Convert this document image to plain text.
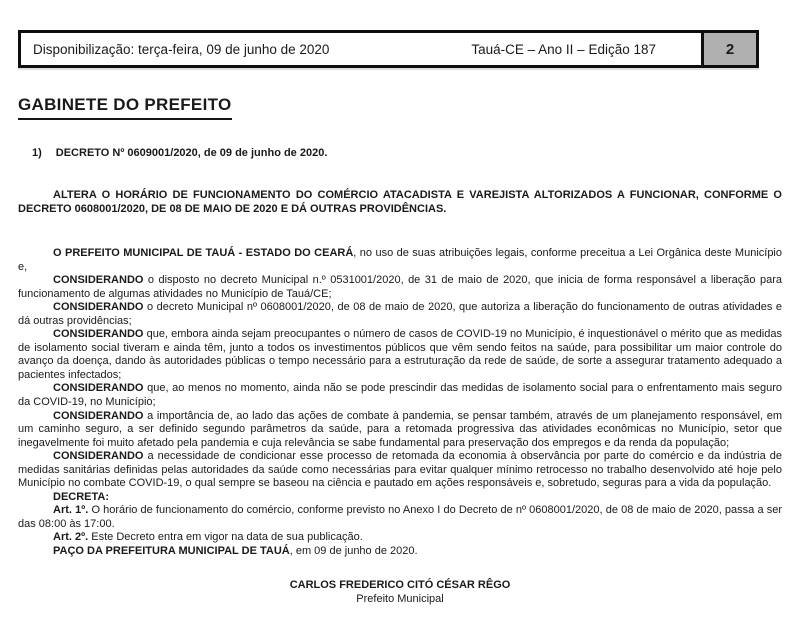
Disponibilização: terça-feira, 09 de junho de 2020	Tauá-CE – Ano II – Edição 187	2
GABINETE DO PREFEITO
1) DECRETO Nº 0609001/2020, de 09 de junho de 2020.
ALTERA O HORÁRIO DE FUNCIONAMENTO DO COMÉRCIO ATACADISTA E VAREJISTA ALTORIZADOS A FUNCIONAR, CONFORME O DECRETO 0608001/2020, DE 08 DE MAIO DE 2020 E DÁ OUTRAS PROVIDÊNCIAS.

O PREFEITO MUNICIPAL DE TAUÁ - ESTADO DO CEARÁ, no uso de suas atribuições legais, conforme preceitua a Lei Orgânica deste Município e,

CONSIDERANDO o disposto no decreto Municipal n.º 0531001/2020, de 31 de maio de 2020, que inicia de forma responsável a liberação para funcionamento de algumas atividades no Município de Tauá/CE;

CONSIDERANDO o decreto Municipal nº 0608001/2020, de 08 de maio de 2020, que autoriza a liberação do funcionamento de outras atividades e dá outras providências;

CONSIDERANDO que, embora ainda sejam preocupantes o número de casos de COVID-19 no Município, é inquestionável o mérito que as medidas de isolamento social tiveram e ainda têm, junto a todos os investimentos públicos que vêm sendo feitos na saúde, para possibilitar um maior controle do avanço da doença, dando às autoridades públicas o tempo necessário para a estruturação da rede de saúde, de sorte a assegurar tratamento adequado a pacientes infectados;

CONSIDERANDO que, ao menos no momento, ainda não se pode prescindir das medidas de isolamento social para o enfrentamento mais seguro da COVID-19, no Município;

CONSIDERANDO a importância de, ao lado das ações de combate à pandemia, se pensar também, através de um planejamento responsável, em um caminho seguro, a ser definido segundo parâmetros da saúde, para a retomada progressiva das atividades econômicas no Município, setor que inegavelmente foi muito afetado pela pandemia e cuja relevância se sabe fundamental para preservação dos empregos e da renda da população;

CONSIDERANDO a necessidade de condicionar esse processo de retomada da economia à observância por parte do comércio e da indústria de medidas sanitárias definidas pelas autoridades da saúde como necessárias para evitar qualquer mínimo retrocesso no trabalho desenvolvido até hoje pelo Município no combate COVID-19, o qual sempre se baseou na ciência e pautado em ações responsáveis e, sobretudo, seguras para a vida da população.

DECRETA:

Art. 1º. O horário de funcionamento do comércio, conforme previsto no Anexo I do Decreto de nº 0608001/2020, de 08 de maio de 2020, passa a ser das 08:00 às 17:00.

Art. 2º. Este Decreto entra em vigor na data de sua publicação.

PAÇO DA PREFEITURA MUNICIPAL DE TAUÁ, em 09 de junho de 2020.

CARLOS FREDERICO CITÓ CÉSAR RÊGO
Prefeito Municipal
